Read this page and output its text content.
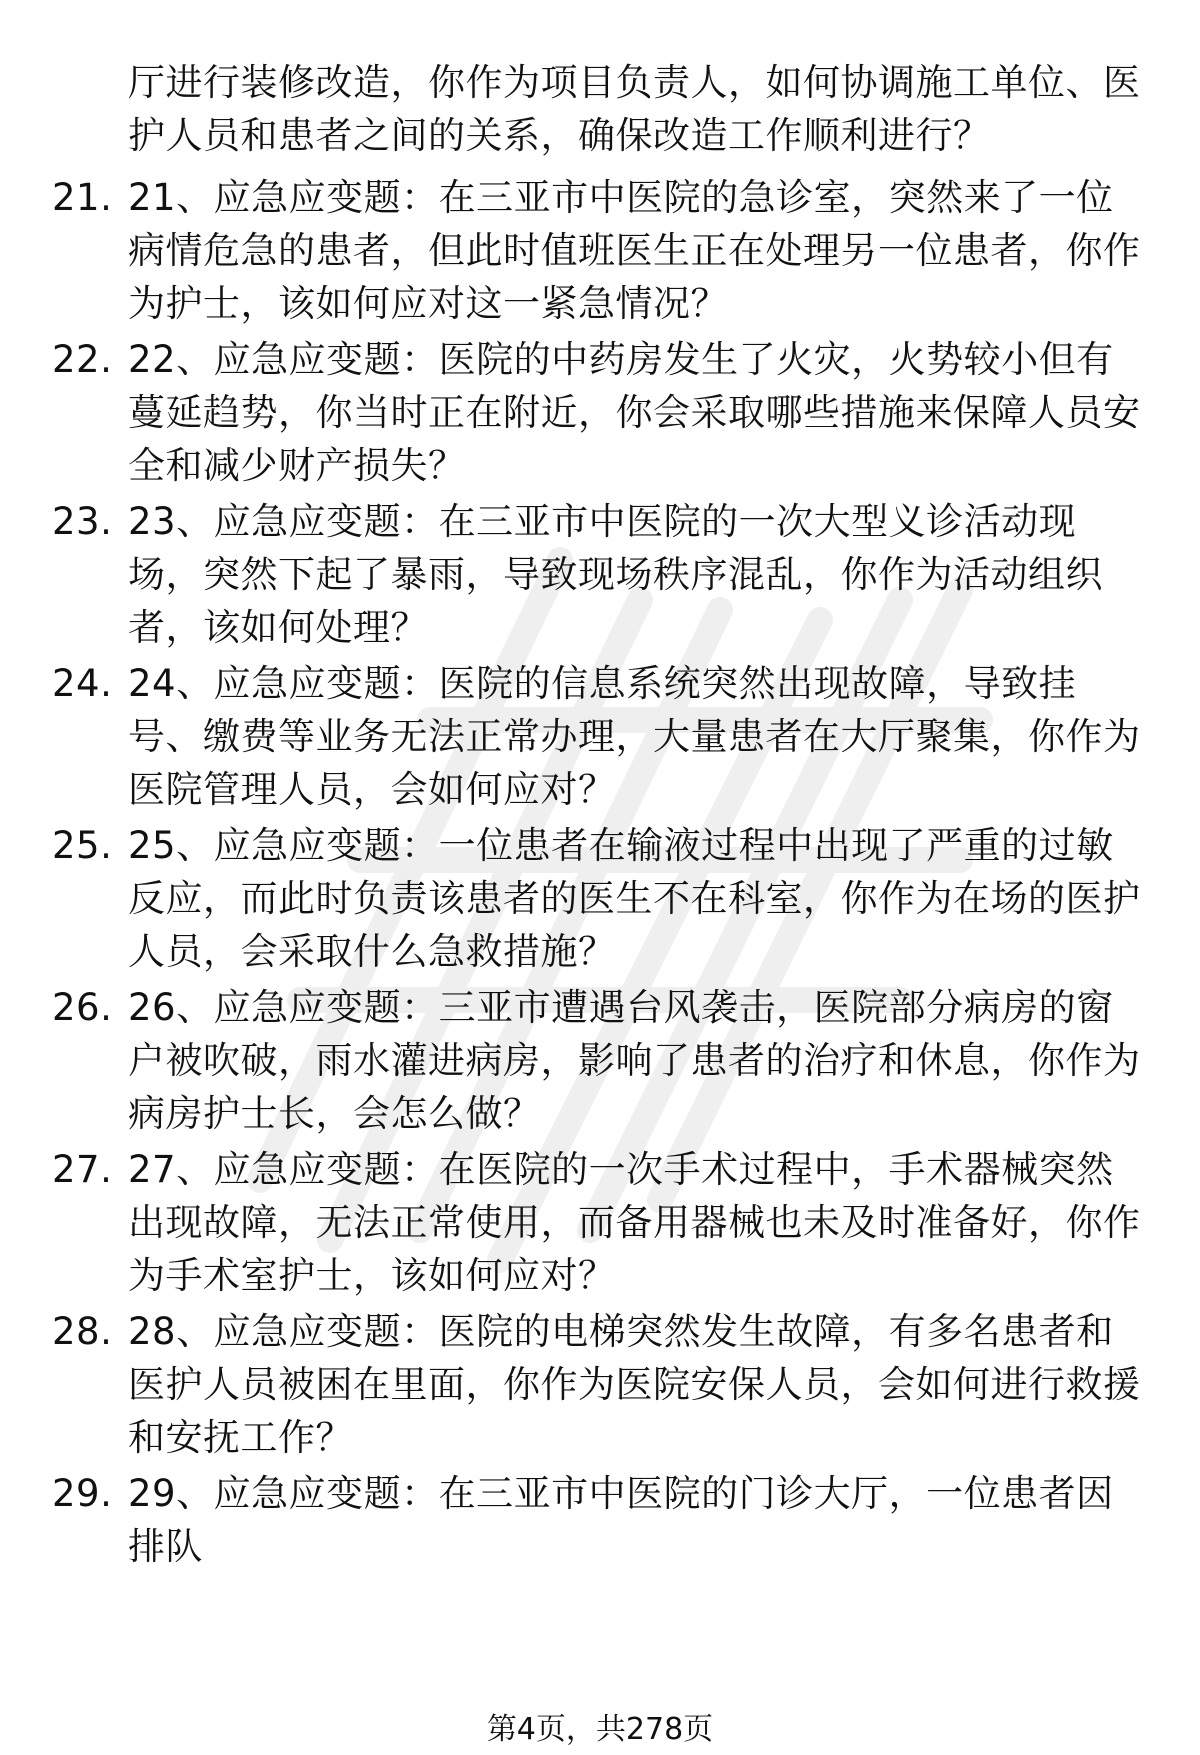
厅进行装修改造，你作为项目负责人，如何协调施工单位、医护人员和患者之间的关系，确保改造工作顺利进行？
21. 21、应急应变题：在三亚市中医院的急诊室，突然来了一位病情危急的患者，但此时值班医生正在处理另一位患者，你作为护士，该如何应对这一紧急情况？
22. 22、应急应变题：医院的中药房发生了火灾，火势较小但有蔓延趋势，你当时正在附近，你会采取哪些措施来保障人员安全和减少财产损失？
23. 23、应急应变题：在三亚市中医院的一次大型义诊活动现场，突然下起了暴雨，导致现场秩序混乱，你作为活动组织者，该如何处理？
24. 24、应急应变题：医院的信息系统突然出现故障，导致挂号、缴费等业务无法正常办理，大量患者在大厅聚集，你作为医院管理人员，会如何应对？
25. 25、应急应变题：一位患者在输液过程中出现了严重的过敏反应，而此时负责该患者的医生不在科室，你作为在场的医护人员，会采取什么急救措施？
26. 26、应急应变题：三亚市遭遇台风袭击，医院部分病房的窗户被吹破，雨水灌进病房，影响了患者的治疗和休息，你作为病房护士长，会怎么做？
27. 27、应急应变题：在医院的一次手术过程中，手术器械突然出现故障，无法正常使用，而备用器械也未及时准备好，你作为手术室护士，该如何应对？
28. 28、应急应变题：医院的电梯突然发生故障，有多名患者和医护人员被困在里面，你作为医院安保人员，会如何进行救援和安抚工作？
29. 29、应急应变题：在三亚市中医院的门诊大厅，一位患者因排队
第4页，共278页
